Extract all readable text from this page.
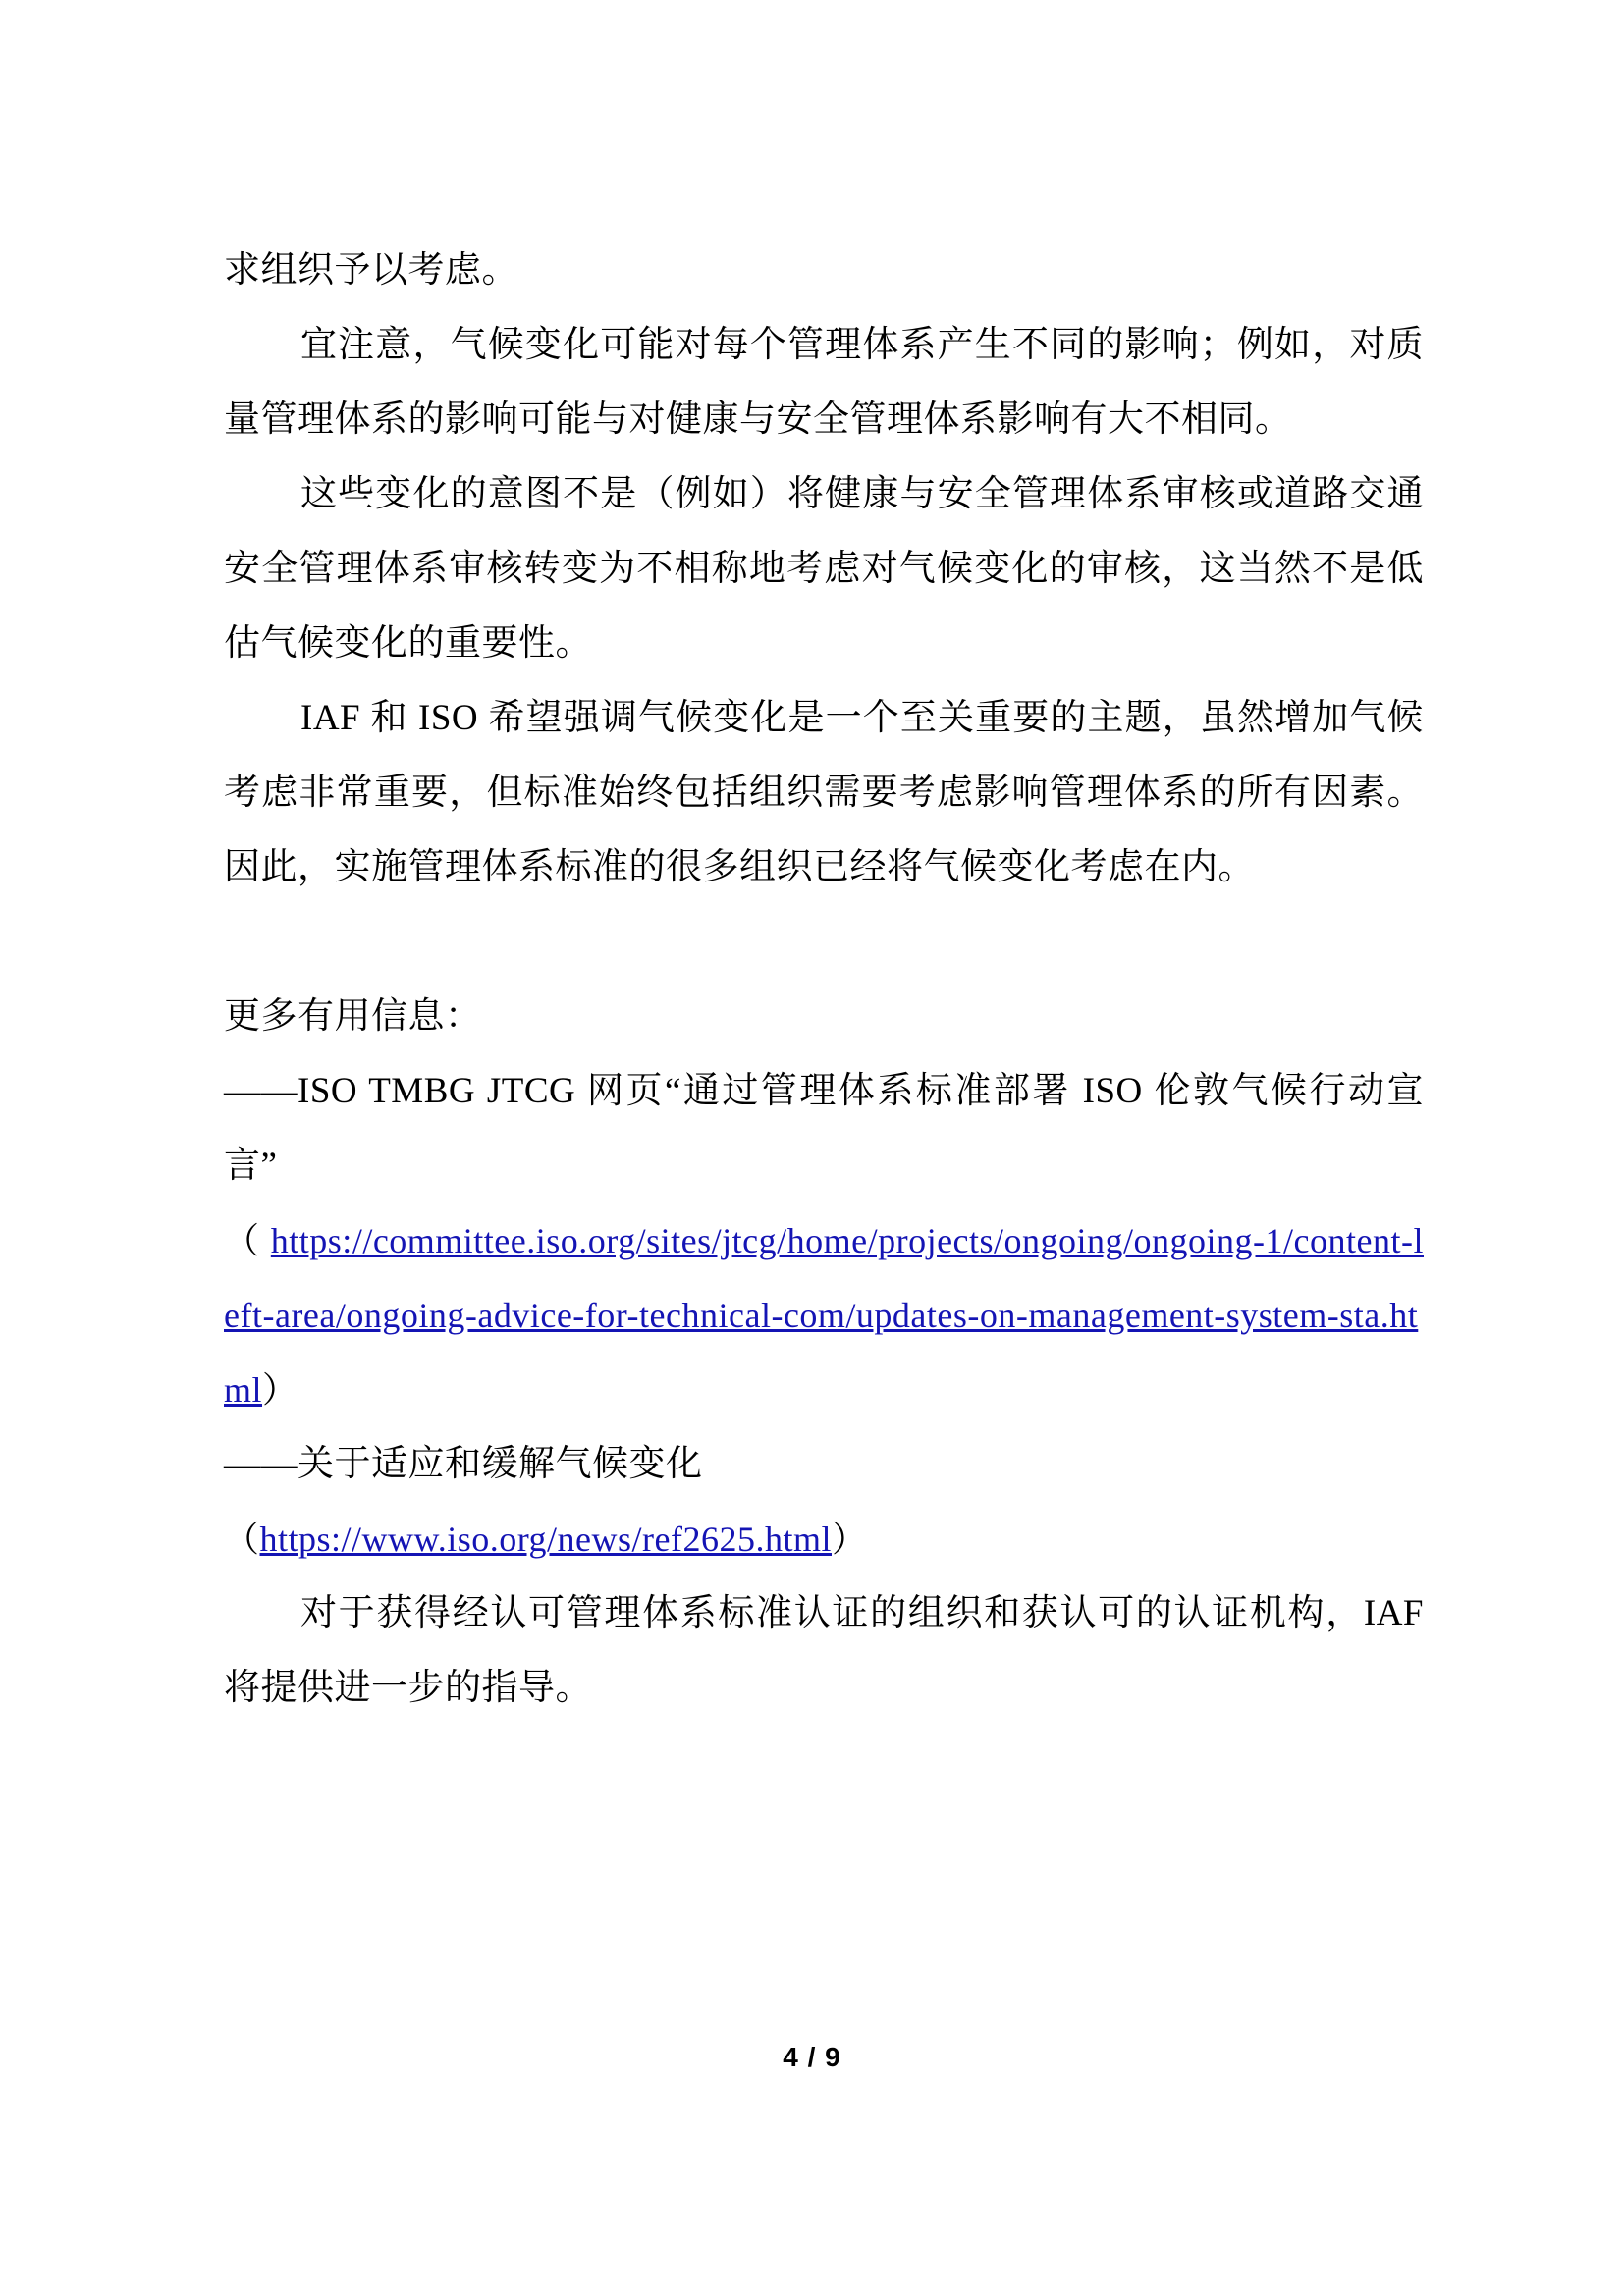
求组织予以考虑。

宜注意，气候变化可能对每个管理体系产生不同的影响；例如，对质量管理体系的影响可能与对健康与安全管理体系影响有大不相同。

这些变化的意图不是（例如）将健康与安全管理体系审核或道路交通安全管理体系审核转变为不相称地考虑对气候变化的审核，这当然不是低估气候变化的重要性。

IAF 和 ISO 希望强调气候变化是一个至关重要的主题，虽然增加气候考虑非常重要，但标准始终包括组织需要考虑影响管理体系的所有因素。因此，实施管理体系标准的很多组织已经将气候变化考虑在内。

更多有用信息：

——ISO TMBG JTCG 网页“通过管理体系标准部署 ISO 伦敦气候行动宣言”

（https://committee.iso.org/sites/jtcg/home/projects/ongoing/ongoing-1/content-left-area/ongoing-advice-for-technical-com/updates-on-management-system-sta.html）

——关于适应和缓解气候变化

（https://www.iso.org/news/ref2625.html）

对于获得经认可管理体系标准认证的组织和获认可的认证机构，IAF 将提供进一步的指导。

4 / 9
